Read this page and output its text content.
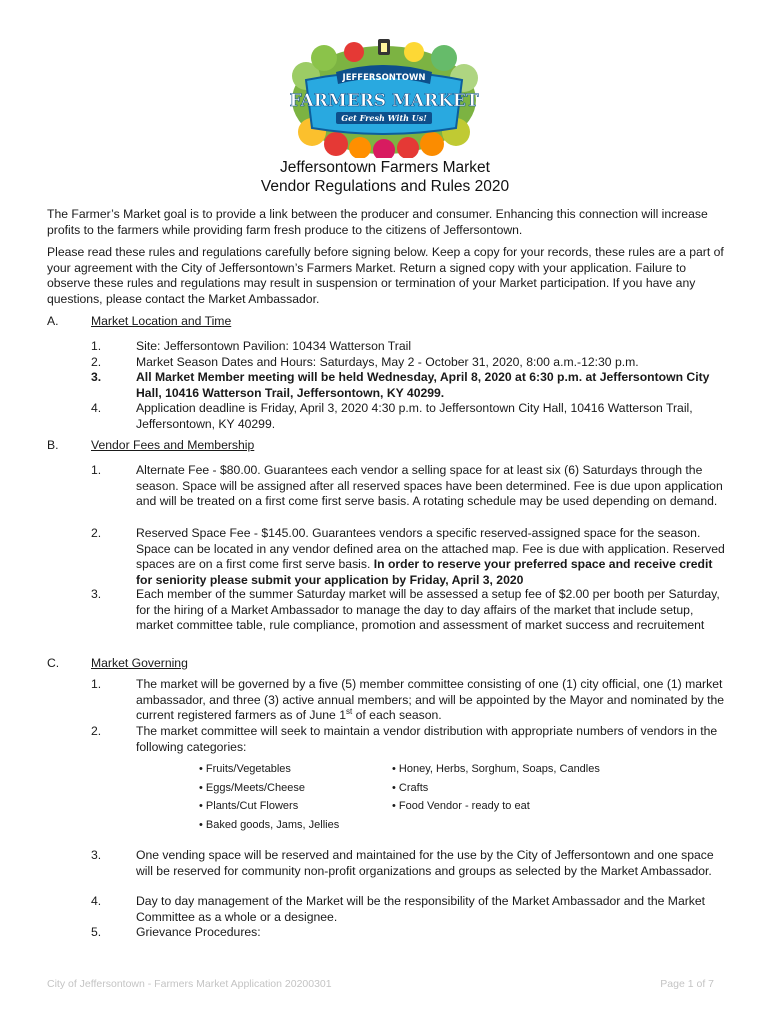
JEFFERSONTOWN
FARMERS MARKET
Get Fresh With Us!
Jeffersontown Farmers Market
Vendor Regulations and Rules 2020
The Farmer’s Market goal is to provide a link between the producer and consumer. Enhancing this connection will increase profits to the farmers while providing farm fresh produce to the citizens of Jeffersontown.
Please read these rules and regulations carefully before signing below. Keep a copy for your records, these rules are a part of your agreement with the City of Jeffersontown’s Farmers Market. Return a signed copy with your application. Failure to observe these rules and regulations may result in suspension or termination of your Market participation. If you have any questions, please contact the Market Ambassador.
A.	Market Location and Time
1.	Site: Jeffersontown Pavilion: 10434 Watterson Trail
2.	Market Season Dates and Hours: Saturdays, May 2 - October 31, 2020, 8:00 a.m.-12:30 p.m.
3.	All Market Member meeting will be held Wednesday, April 8, 2020 at 6:30 p.m. at Jeffersontown City Hall, 10416 Watterson Trail, Jeffersontown, KY 40299.
4.	Application deadline is Friday, April 3, 2020 4:30 p.m. to Jeffersontown City Hall, 10416 Watterson Trail, Jeffersontown, KY 40299.
B.	Vendor Fees and Membership
1.	Alternate Fee - $80.00. Guarantees each vendor a selling space for at least six (6) Saturdays through the season. Space will be assigned after all reserved spaces have been determined. Fee is due upon application and will be treated on a first come first serve basis. A rotating schedule may be used depending on demand.
2.	Reserved Space Fee - $145.00. Guarantees vendors a specific reserved-assigned space for the season. Space can be located in any vendor defined area on the attached map. Fee is due with application. Reserved spaces are on a first come first serve basis. In order to reserve your preferred space and receive credit for seniority please submit your application by Friday, April 3, 2020
3.	Each member of the summer Saturday market will be assessed a setup fee of $2.00 per booth per Saturday, for the hiring of a Market Ambassador to manage the day to day affairs of the market that include setup, market committee table, rule compliance, promotion and assessment of market success and recruitement
C.	Market Governing
1.	The market will be governed by a five (5) member committee consisting of one (1) city official, one (1) market ambassador, and three (3) active annual members; and will be appointed by the Mayor and nominated by the current registered farmers as of June 1st of each season.
2.	The market committee will seek to maintain a vendor distribution with appropriate numbers of vendors in the following categories:
• Fruits/Vegetables
• Eggs/Meets/Cheese
• Plants/Cut Flowers
• Baked goods, Jams, Jellies
• Honey, Herbs, Sorghum, Soaps, Candles
• Crafts
• Food Vendor - ready to eat
3.	One vending space will be reserved and maintained for the use by the City of Jeffersontown and one space will be reserved for community non-profit organizations and groups as selected by the Market Ambassador.
4.	Day to day management of the Market will be the responsibility of the Market Ambassador and the Market Committee as a whole or a designee.
5.	Grievance Procedures:
City of Jeffersontown - Farmers Market Application 20200301	Page 1 of 7
